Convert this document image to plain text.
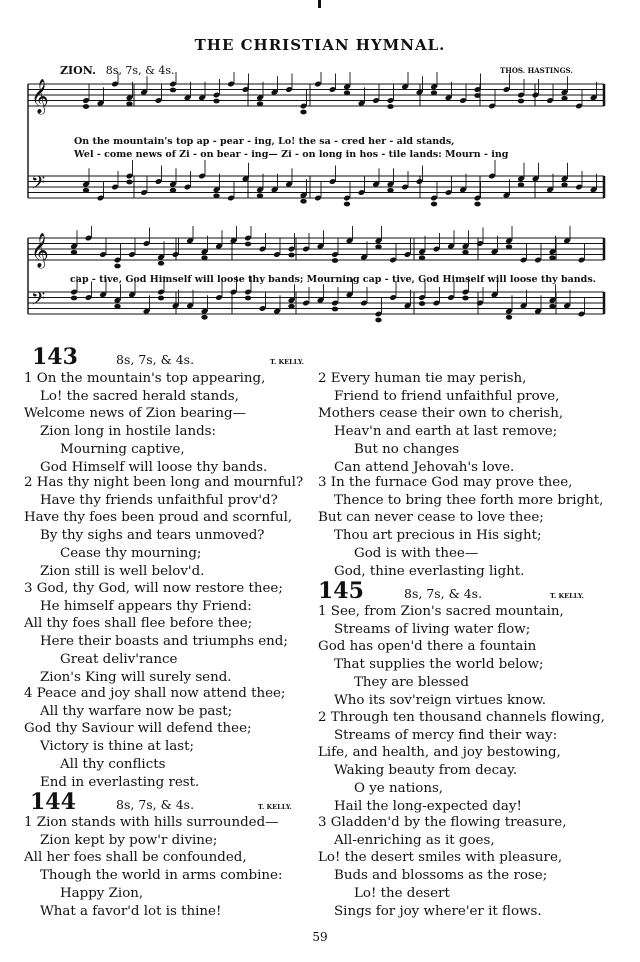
THE CHRISTIAN HYMNAL.
ZION. 8s, 7s, & 4s.	THOS. HASTINGS.
𝄞
𝄢
On the mountain's top ap - pear - ing, Lo! the sa - cred her - ald stands,
Wel - come news of Zi - on bear - ing— Zi - on long in hos - tile lands: Mourn - ing
𝄞
𝄢
cap - tive, God Himself will loose thy bands; Mourning cap - tive, God Himself will loose thy bands.
143	8s, 7s, & 4s.	T. KELLY.
1 On the mountain's top appearing,
Lo! the sacred herald stands,
Welcome news of Zion bearing—
Zion long in hostile lands:
Mourning captive,
God Himself will loose thy bands.
2 Has thy night been long and mournful?
Have thy friends unfaithful prov'd?
Have thy foes been proud and scornful,
By thy sighs and tears unmoved?
Cease thy mourning;
Zion still is well belov'd.
3 God, thy God, will now restore thee;
He himself appears thy Friend:
All thy foes shall flee before thee;
Here their boasts and triumphs end;
Great deliv'rance
Zion's King will surely send.
4 Peace and joy shall now attend thee;
All thy warfare now be past;
God thy Saviour will defend thee;
Victory is thine at last;
All thy conflicts
End in everlasting rest.
144	8s, 7s, & 4s.	T. KELLY.
1 Zion stands with hills surrounded—
Zion kept by pow'r divine;
All her foes shall be confounded,
Though the world in arms combine:
Happy Zion,
What a favor'd lot is thine!
2 Every human tie may perish,
Friend to friend unfaithful prove,
Mothers cease their own to cherish,
Heav'n and earth at last remove;
But no changes
Can attend Jehovah's love.
3 In the furnace God may prove thee,
Thence to bring thee forth more bright,
But can never cease to love thee;
Thou art precious in His sight;
God is with thee—
God, thine everlasting light.
145	8s, 7s, & 4s.	T. KELLY.
1 See, from Zion's sacred mountain,
Streams of living water flow;
God has open'd there a fountain
That supplies the world below;
They are blessed
Who its sov'reign virtues know.
2 Through ten thousand channels flowing,
Streams of mercy find their way:
Life, and health, and joy bestowing,
Waking beauty from decay.
O ye nations,
Hail the long-expected day!
3 Gladden'd by the flowing treasure,
All-enriching as it goes,
Lo! the desert smiles with pleasure,
Buds and blossoms as the rose;
Lo! the desert
Sings for joy where'er it flows.
59
